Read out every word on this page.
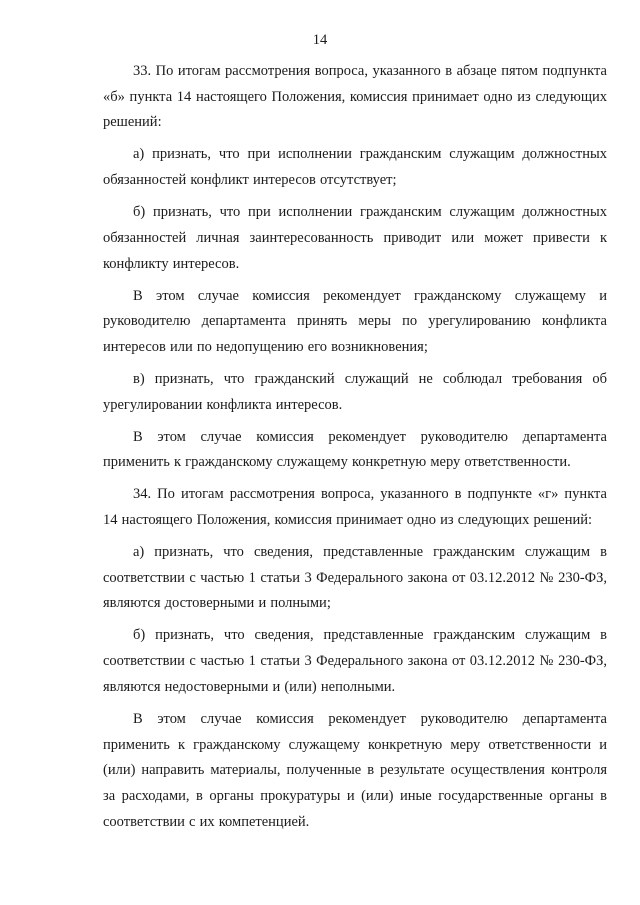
14

33. По итогам рассмотрения вопроса, указанного в абзаце пятом подпункта «б» пункта 14 настоящего Положения, комиссия принимает одно из следующих решений:

а) признать, что при исполнении гражданским служащим должностных обязанностей конфликт интересов отсутствует;

б) признать, что при исполнении гражданским служащим должностных обязанностей личная заинтересованность приводит или может привести к конфликту интересов.

В этом случае комиссия рекомендует гражданскому служащему и руководителю департамента принять меры по урегулированию конфликта интересов или по недопущению его возникновения;

в) признать, что гражданский служащий не соблюдал требования об урегулировании конфликта интересов.

В этом случае комиссия рекомендует руководителю департамента применить к гражданскому служащему конкретную меру ответственности.

34. По итогам рассмотрения вопроса, указанного в подпункте «г» пункта 14 настоящего Положения, комиссия принимает одно из следующих решений:

а) признать, что сведения, представленные гражданским служащим в соответствии с частью 1 статьи 3 Федерального закона от 03.12.2012 № 230-ФЗ, являются достоверными и полными;

б) признать, что сведения, представленные гражданским служащим в соответствии с частью 1 статьи 3 Федерального закона от 03.12.2012 № 230-ФЗ, являются недостоверными и (или) неполными.

В этом случае комиссия рекомендует руководителю департамента применить к гражданскому служащему конкретную меру ответственности и (или) направить материалы, полученные в результате осуществления контроля за расходами, в органы прокуратуры и (или) иные государственные органы в соответствии с их компетенцией.
